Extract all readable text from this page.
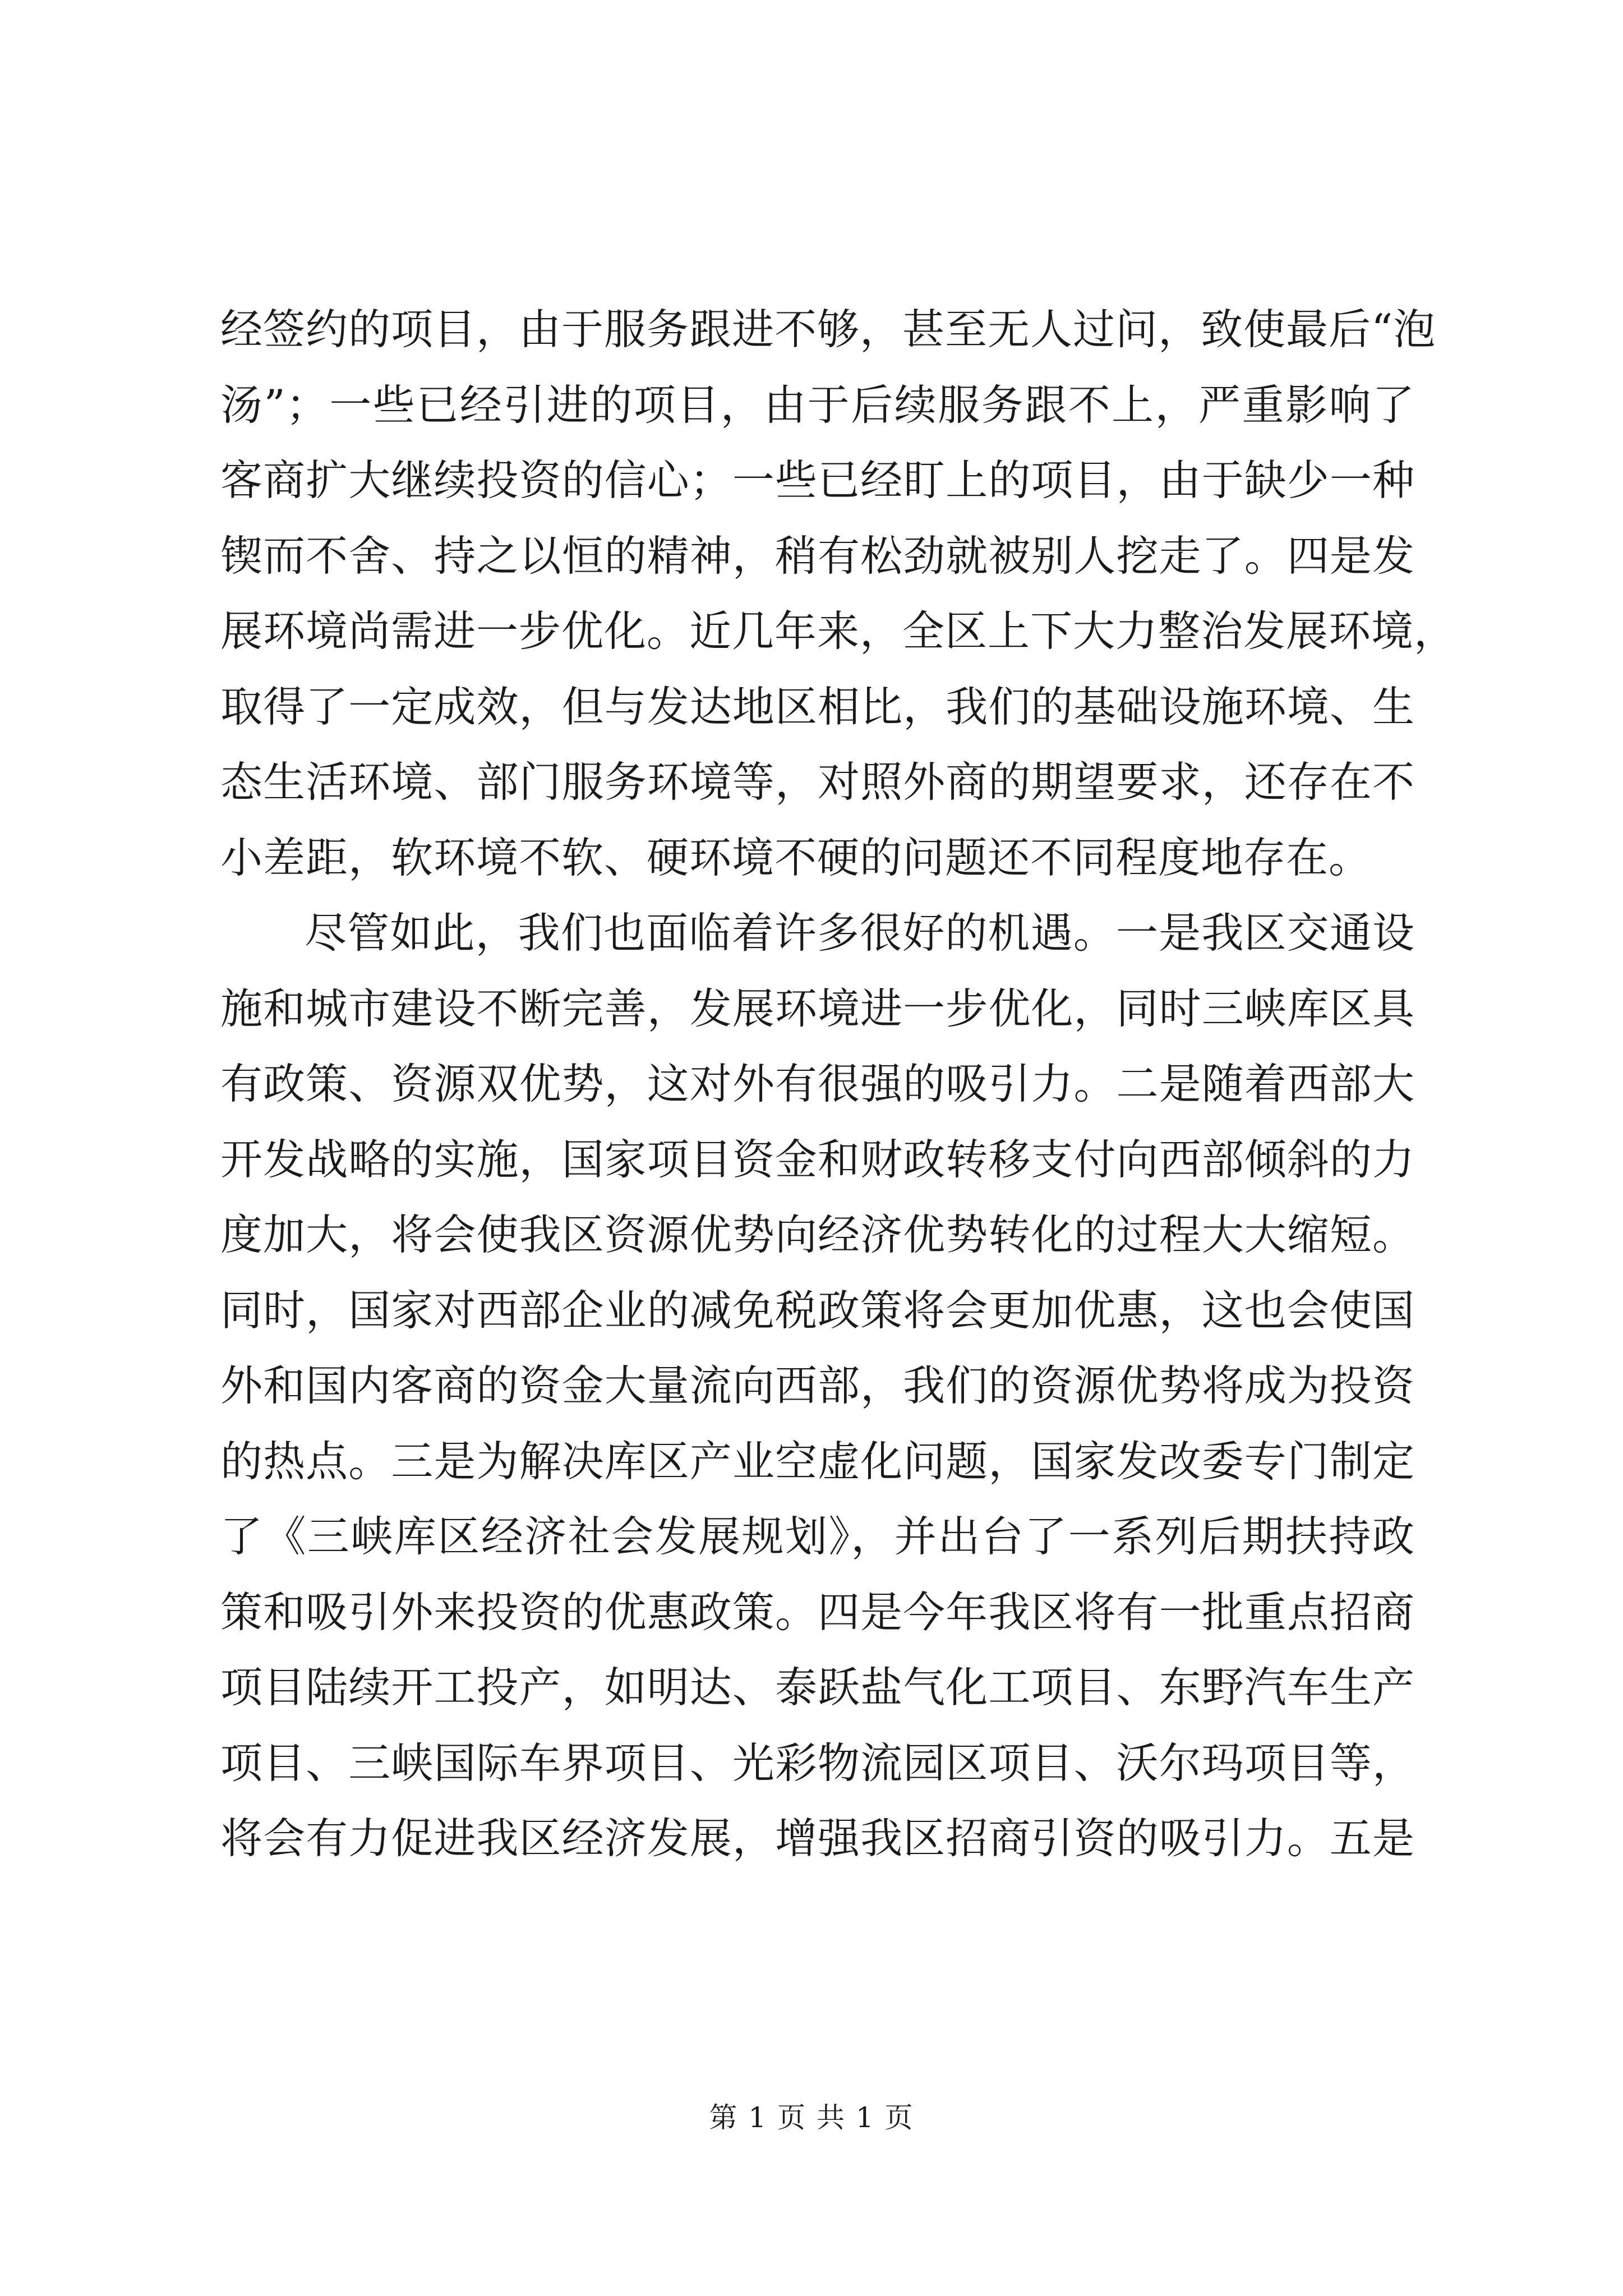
经签约的项目，由于服务跟进不够，甚至无人过问，致使最后“泡
汤”；一些已经引进的项目，由于后续服务跟不上，严重影响了
客商扩大继续投资的信心；一些已经盯上的项目，由于缺少一种
锲而不舍、持之以恒的精神，稍有松劲就被别人挖走了。四是发
展环境尚需进一步优化。近几年来，全区上下大力整治发展环境，
取得了一定成效，但与发达地区相比，我们的基础设施环境、生
态生活环境、部门服务环境等，对照外商的期望要求，还存在不
小差距，软环境不软、硬环境不硬的问题还不同程度地存在。
尽管如此，我们也面临着许多很好的机遇。一是我区交通设
施和城市建设不断完善，发展环境进一步优化，同时三峡库区具
有政策、资源双优势，这对外有很强的吸引力。二是随着西部大
开发战略的实施，国家项目资金和财政转移支付向西部倾斜的力
度加大，将会使我区资源优势向经济优势转化的过程大大缩短。
同时，国家对西部企业的减免税政策将会更加优惠，这也会使国
外和国内客商的资金大量流向西部，我们的资源优势将成为投资
的热点。三是为解决库区产业空虚化问题，国家发改委专门制定
了《三峡库区经济社会发展规划》，并出台了一系列后期扶持政
策和吸引外来投资的优惠政策。四是今年我区将有一批重点招商
项目陆续开工投产，如明达、泰跃盐气化工项目、东野汽车生产
项目、三峡国际车界项目、光彩物流园区项目、沃尔玛项目等，
将会有力促进我区经济发展，增强我区招商引资的吸引力。五是
第 1 页 共 1 页
